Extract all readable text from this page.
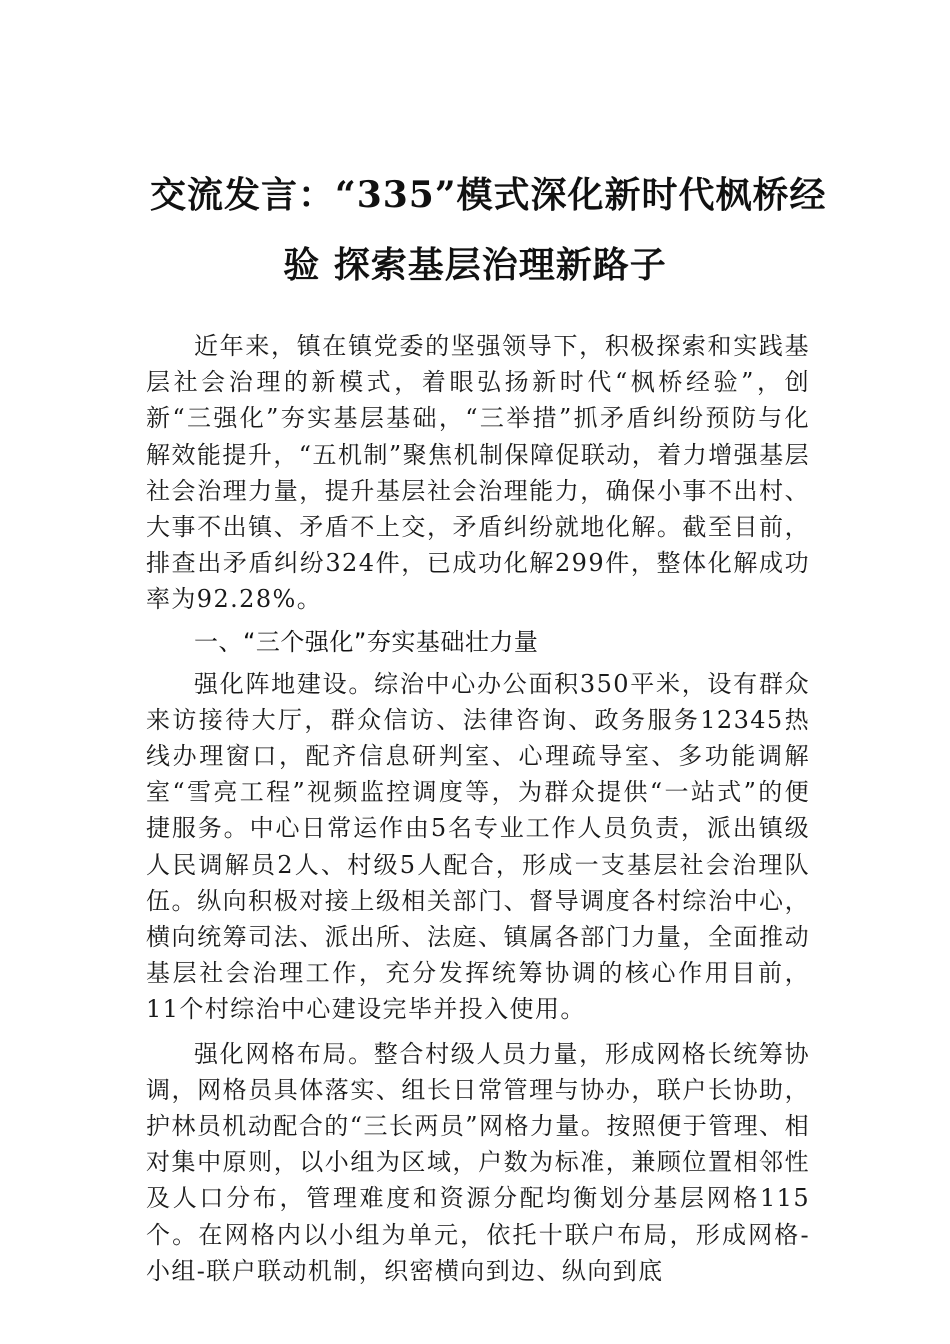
交流发言：“335”模式深化新时代枫桥经
验 探索基层治理新路子

近年来，镇在镇党委的坚强领导下，积极探索和实践基层社会治理的新模式，着眼弘扬新时代“枫桥经验”，创新“三强化”夯实基层基础，“三举措”抓矛盾纠纷预防与化解效能提升，“五机制”聚焦机制保障促联动，着力增强基层社会治理力量，提升基层社会治理能力，确保小事不出村、大事不出镇、矛盾不上交，矛盾纠纷就地化解。截至目前，排查出矛盾纠纷324件，已成功化解299件，整体化解成功率为92.28%。

一、“三个强化”夯实基础壮力量

强化阵地建设。综治中心办公面积350平米，设有群众来访接待大厅，群众信访、法律咨询、政务服务12345热线办理窗口，配齐信息研判室、心理疏导室、多功能调解室“雪亮工程”视频监控调度等，为群众提供“一站式”的便捷服务。中心日常运作由5名专业工作人员负责，派出镇级人民调解员2人、村级5人配合，形成一支基层社会治理队伍。纵向积极对接上级相关部门、督导调度各村综治中心，横向统筹司法、派出所、法庭、镇属各部门力量，全面推动基层社会治理工作，充分发挥统筹协调的核心作用目前，11个村综治中心建设完毕并投入使用。

强化网格布局。整合村级人员力量，形成网格长统筹协调，网格员具体落实、组长日常管理与协办，联户长协助，护林员机动配合的“三长两员”网格力量。按照便于管理、相对集中原则，以小组为区域，户数为标准，兼顾位置相邻性及人口分布，管理难度和资源分配均衡划分基层网格115个。在网格内以小组为单元，依托十联户布局，形成网格-小组-联户联动机制，织密横向到边、纵向到底
